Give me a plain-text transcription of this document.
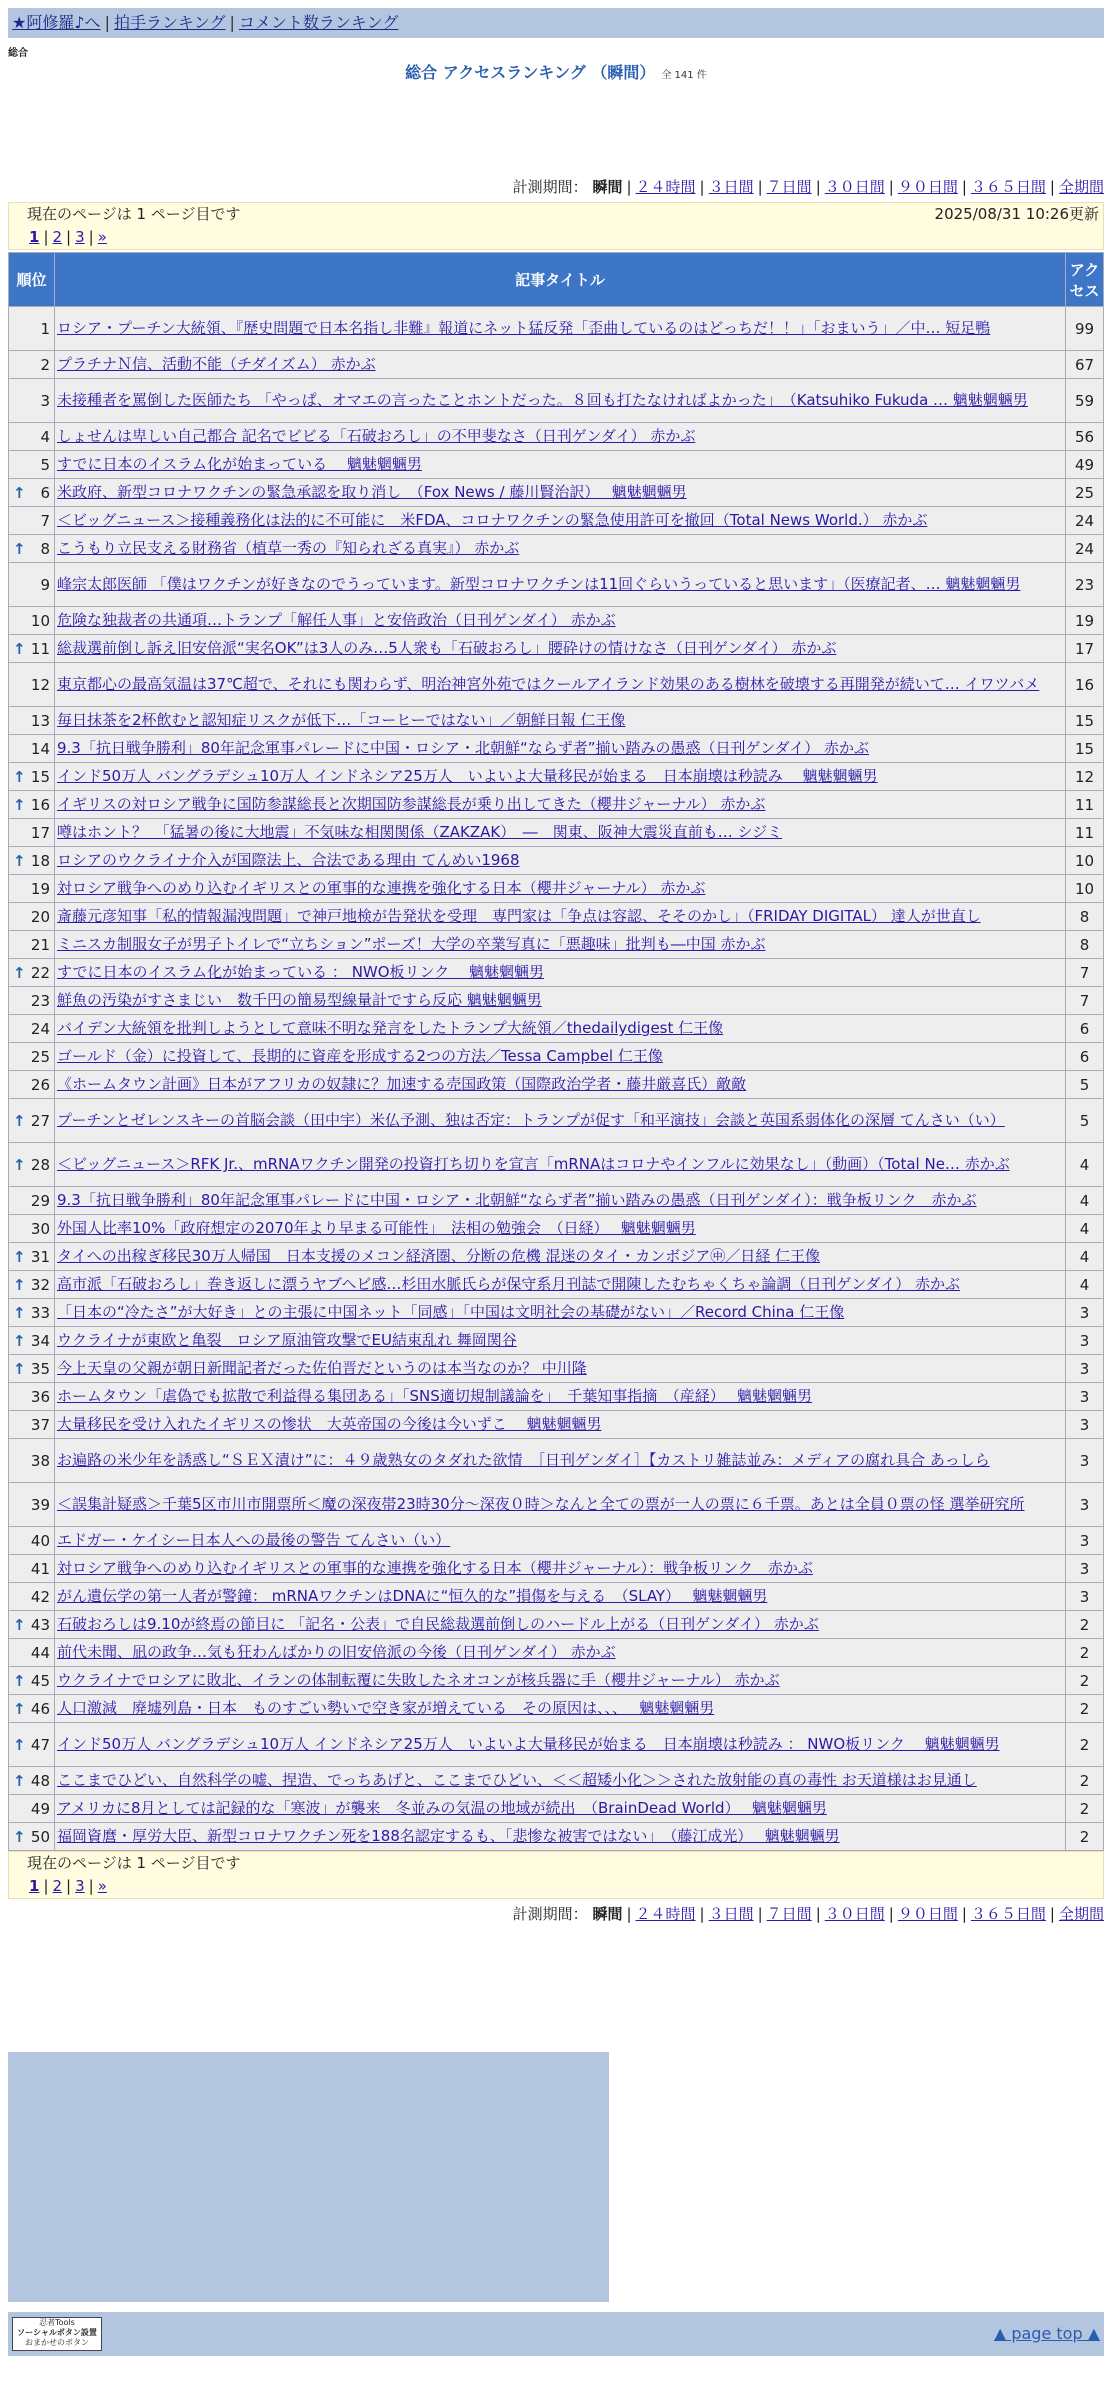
★阿修羅♪へ | 拍手ランキング | コメント数ランキング
総合
総合 アクセスランキング （瞬間） 全 141 件
計測期間： 瞬間 | ２４時間 | ３日間 | ７日間 | ３０日間 | ９０日間 | ３６５日間 | 全期間
現在のページは 1 ページ目です	2025/08/31 10:26更新
1 | 2 | 3 | »
順位	記事タイトル	アクセス
1	ロシア・プーチン大統領、『歴史問題で日本名指し非難』報道にネット猛反発「歪曲しているのはどっちだ！！」「おまいう」／中… 短足鴨	99
2	プラチナＮ信、活動不能（チダイズム） 赤かぶ	67
3	未接種者を罵倒した医師たち 「やっぱ、オマエの言ったことホントだった。８回も打たなければよかった」　（Katsuhiko Fukuda … 魑魅魍魎男	59
4	しょせんは卑しい自己都合 記名でビビる「石破おろし」の不甲斐なさ（日刊ゲンダイ） 赤かぶ	56
5	すでに日本のイスラム化が始まっている　 魑魅魍魎男	49

↑ 6	米政府、新型コロナワクチンの緊急承認を取り消し　（Fox News / 藤川賢治訳）　 魑魅魍魎男	25
7	＜ビッグニュース＞接種義務化は法的に不可能に　米FDA、コロナワクチンの緊急使用許可を撤回（Total News World.） 赤かぶ	24

↑ 8	こうもり立民支える財務省（植草一秀の『知られざる真実』） 赤かぶ	24
9	峰宗太郎医師 「僕はワクチンが好きなのでうっています。新型コロナワクチンは11回ぐらいうっていると思います」（医療記者、… 魑魅魍魎男	23
10	危険な独裁者の共通項…トランプ「解任人事」と安倍政治（日刊ゲンダイ） 赤かぶ	19

↑ 11	総裁選前倒し訴え旧安倍派“実名OK”は3人のみ…5人衆も「石破おろし」腰砕けの情けなさ（日刊ゲンダイ） 赤かぶ	17
12	東京都心の最高気温は37℃超で、それにも関わらず、明治神宮外苑ではクールアイランド効果のある樹林を破壊する再開発が続いて… イワツバメ	16
13	毎日抹茶を2杯飲むと認知症リスクが低下…「コーヒーではない」／朝鮮日報 仁王像	15
14	9.3「抗日戦争勝利」80年記念軍事パレードに中国・ロシア・北朝鮮“ならず者”揃い踏みの愚惑（日刊ゲンダイ） 赤かぶ	15

↑ 15	インド50万人 バングラデシュ10万人 インドネシア25万人　いよいよ大量移民が始まる　日本崩壊は秒読み　 魑魅魍魎男	12

↑ 16	イギリスの対ロシア戦争に国防参謀総長と次期国防参謀総長が乗り出してきた（櫻井ジャーナル） 赤かぶ	11
17	噂はホント？　「猛暑の後に大地震」不気味な相関関係（ZAKZAK）　―　関東、阪神大震災直前も… シジミ	11

↑ 18	ロシアのウクライナ介入が国際法上、合法である理由 てんめい1968	10
19	対ロシア戦争へのめり込むイギリスとの軍事的な連携を強化する日本（櫻井ジャーナル） 赤かぶ	10
20	斎藤元彦知事「私的情報漏洩問題」で神戸地検が告発状を受理　専門家は「争点は容認、そそのかし」（FRIDAY DIGITAL） 達人が世直し	8
21	ミニスカ制服女子が男子トイレで“立ちション”ポーズ！大学の卒業写真に「悪趣味」批判も―中国 赤かぶ	8

↑ 22	すでに日本のイスラム化が始まっている ： NWO板リンク　 魑魅魍魎男	7
23	鮮魚の汚染がすさまじい　数千円の簡易型線量計ですら反応 魑魅魍魎男	7
24	バイデン大統領を批判しようとして意味不明な発言をしたトランプ大統領／thedailydigest 仁王像	6
25	ゴールド（金）に投資して、長期的に資産を形成する2つの方法／Tessa Campbel 仁王像	6
26	《ホームタウン計画》日本がアフリカの奴隷に？加速する売国政策（国際政治学者・藤井厳喜氏）敵敵	5

↑ 27	プーチンとゼレンスキーの首脳会談（田中宇）米仏予測、独は否定：トランプが促す「和平演技」会談と英国系弱体化の深層 てんさい（い）	5

↑ 28	＜ビッグニュース＞RFK Jr.、mRNAワクチン開発の投資打ち切りを宣言「mRNAはコロナやインフルに効果なし」（動画）（Total Ne… 赤かぶ	4
29	9.3「抗日戦争勝利」80年記念軍事パレードに中国・ロシア・北朝鮮“ならず者”揃い踏みの愚惑（日刊ゲンダイ）：戦争板リンク　赤かぶ	4
30	外国人比率10%「政府想定の2070年より早まる可能性」　法相の勉強会　（日経）　 魑魅魍魎男	4

↑ 31	タイへの出稼ぎ移民30万人帰国　日本支援のメコン経済圏、分断の危機 混迷のタイ・カンボジア㊥／日経 仁王像	4

↑ 32	高市派「石破おろし」巻き返しに漂うヤブヘビ感…杉田水脈氏らが保守系月刊誌で開陳したむちゃくちゃ論調（日刊ゲンダイ） 赤かぶ	4

↑ 33	「日本の“冷たさ”が大好き」との主張に中国ネット「同感」「中国は文明社会の基礎がない」／Record China 仁王像	3

↑ 34	ウクライナが東欧と亀裂　ロシア原油管攻撃でEU結束乱れ 舞岡関谷	3

↑ 35	今上天皇の父親が朝日新聞記者だった佐伯晋だというのは本当なのか？ 中川隆	3
36	ホームタウン「虐偽でも拡散で利益得る集団ある」「SNS適切規制議論を」　千葉知事指摘　（産経）　 魑魅魍魎男	3
37	大量移民を受け入れたイギリスの惨状　大英帝国の今後は今いずこ　 魑魅魍魎男	3
38	お遍路の米少年を誘惑し“ＳＥＸ漬け”に：４９歳熟女のタダれた欲情　［日刊ゲンダイ］【カストリ雑誌並み：メディアの腐れ具合 あっしら	3
39	＜誤集計疑惑＞千葉5区市川市開票所＜魔の深夜帯23時30分〜深夜０時＞なんと全ての票が一人の票に６千票。あとは全員０票の怪 選挙研究所	3
40	エドガー・ケイシー日本人への最後の警告 てんさい（い）	3
41	対ロシア戦争へのめり込むイギリスとの軍事的な連携を強化する日本（櫻井ジャーナル）：戦争板リンク　赤かぶ	3
42	がん遺伝学の第一人者が警鐘： mRNAワクチンはDNAに“恒久的な”損傷を与える　（SLAY）　 魑魅魍魎男	3

↑ 43	石破おろしは9.10が終焉の節目に 「記名・公表」で自民総裁選前倒しのハードル上がる（日刊ゲンダイ） 赤かぶ	2
44	前代未聞、凪の政争…気も狂わんばかりの旧安倍派の今後（日刊ゲンダイ） 赤かぶ	2

↑ 45	ウクライナでロシアに敗北、イランの体制転覆に失敗したネオコンが核兵器に手（櫻井ジャーナル） 赤かぶ	2

↑ 46	人口激減　廃墟列島・日本　ものすごい勢いで空き家が増えている　その原因は、、、　 魑魅魍魎男	2

↑ 47	インド50万人 バングラデシュ10万人 インドネシア25万人　いよいよ大量移民が始まる　日本崩壊は秒読み ： NWO板リンク　 魑魅魍魎男	2

↑ 48	ここまでひどい、自然科学の嘘、捏造、でっちあげと、ここまでひどい、＜＜超矮小化＞＞された放射能の真の毒性 お天道様はお見通し	2
49	アメリカに8月としては記録的な「寒波」が襲来　冬並みの気温の地域が続出　（BrainDead World）　 魑魅魍魎男	2

↑ 50	福岡資麿・厚労大臣、新型コロナワクチン死を188名認定するも、「悲惨な被害ではない」　（藤江成光）　 魑魅魍魎男	2
現在のページは 1 ページ目です
1 | 2 | 3 | »
計測期間： 瞬間 | ２４時間 | ３日間 | ７日間 | ３０日間 | ９０日間 | ３６５日間 | 全期間
忍者Tools
ソーシャルボタン設置
おまかせのボタン	▲ page top ▲
